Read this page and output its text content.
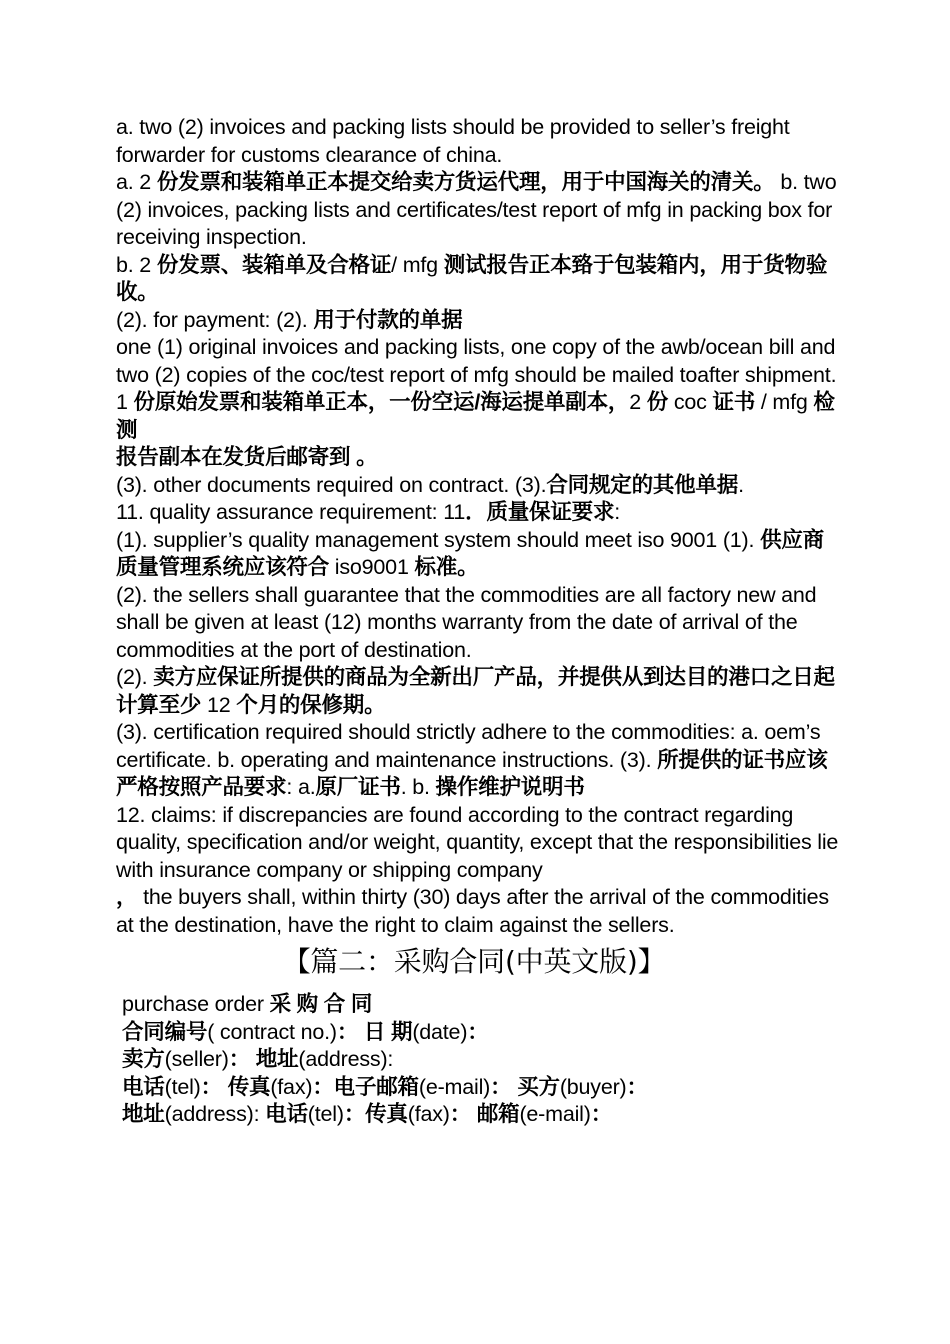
a. two (2) invoices and packing lists should be provided to seller’s freight forwarder for customs clearance of china.

a. 2 份发票和装箱单正本提交给卖方货运代理，用于中国海关的清关。 b. two (2) invoices, packing lists and certificates/test report of mfg in packing box for receiving inspection.

b. 2 份发票、装箱单及合格证/ mfg 测试报告正本臵于包装箱内，用于货物验收。

(2). for payment: (2). 用于付款的单据

one (1) original invoices and packing lists, one copy of the awb/ocean bill and two (2) copies of the coc/test report of mfg should be mailed toafter shipment.

1 份原始发票和装箱单正本，一份空运/海运提单副本，2 份 coc 证书 / mfg 检测
报告副本在发货后邮寄到 。

(3). other documents required on contract. (3).合同规定的其他单据.

11. quality assurance requirement: 11．质量保证要求:

(1). supplier’s quality management system should meet iso 9001 (1). 供应商质量管理系统应该符合 iso9001 标准。

(2). the sellers shall guarantee that the commodities are all factory new and shall be given at least (12) months warranty from the date of arrival of the commodities at the port of destination.

(2). 卖方应保证所提供的商品为全新出厂产品，并提供从到达目的港口之日起计算至少 12 个月的保修期。

(3). certification required should strictly adhere to the commodities: a. oem’s certificate. b. operating and maintenance instructions. (3). 所提供的证书应该严格按照产品要求: a.原厂证书. b. 操作维护说明书

12. claims: if discrepancies are found according to the contract regarding quality, specification and/or weight, quantity, except that the responsibilities lie with insurance company or shipping company
， the buyers shall, within thirty (30) days after the arrival of the commodities at the destination, have the right to claim against the sellers.

【篇二：采购合同(中英文版)】

purchase order 采 购 合 同

合同编号( contract no.)： 日 期(date)：

卖方(seller)： 地址(address):

电话(tel)： 传真(fax)：电子邮箱(e-mail)： 买方(buyer)：

地址(address): 电话(tel)：传真(fax)： 邮箱(e-mail)：
